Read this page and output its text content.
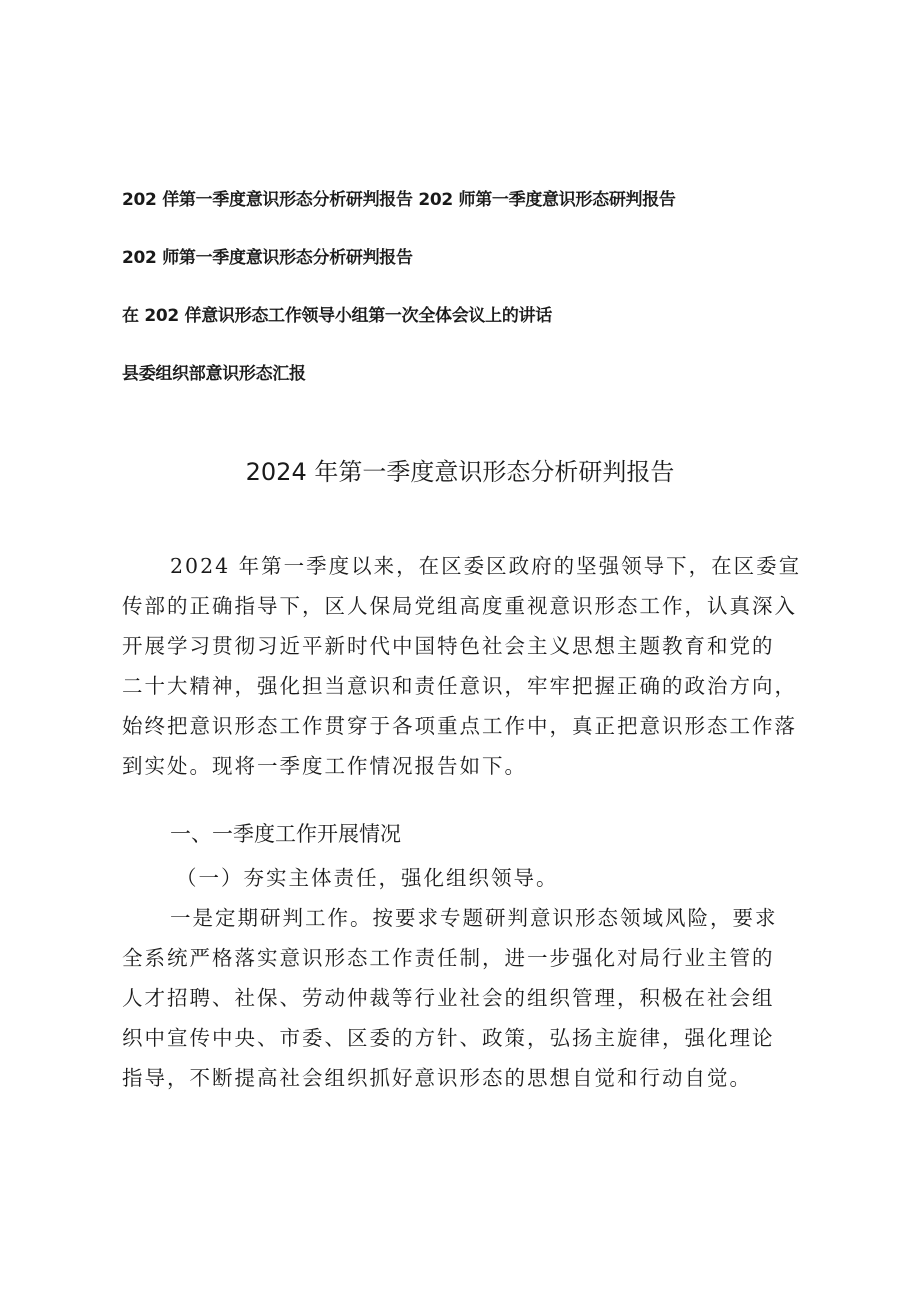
202 佯第一季度意识形态分析研判报告 202 师第一季度意识形态研判报告
202 师第一季度意识形态分析研判报告
在 202 佯意识形态工作领导小组第一次全体会议上的讲话
县委组织部意识形态汇报
2024 年第一季度意识形态分析研判报告
2024 年第一季度以来，在区委区政府的坚强领导下，在区委宣
传部的正确指导下，区人保局党组高度重视意识形态工作，认真深入
开展学习贯彻习近平新时代中国特色社会主义思想主题教育和党的
二十大精神，强化担当意识和责任意识，牢牢把握正确的政治方向，
始终把意识形态工作贯穿于各项重点工作中，真正把意识形态工作落
到实处。现将一季度工作情况报告如下。
一、一季度工作开展情况
（一）夯实主体责任，强化组织领导。
一是定期研判工作。按要求专题研判意识形态领域风险，要求
全系统严格落实意识形态工作责任制，进一步强化对局行业主管的
人才招聘、社保、劳动仲裁等行业社会的组织管理，积极在社会组
织中宣传中央、市委、区委的方针、政策，弘扬主旋律，强化理论
指导，不断提高社会组织抓好意识形态的思想自觉和行动自觉。
